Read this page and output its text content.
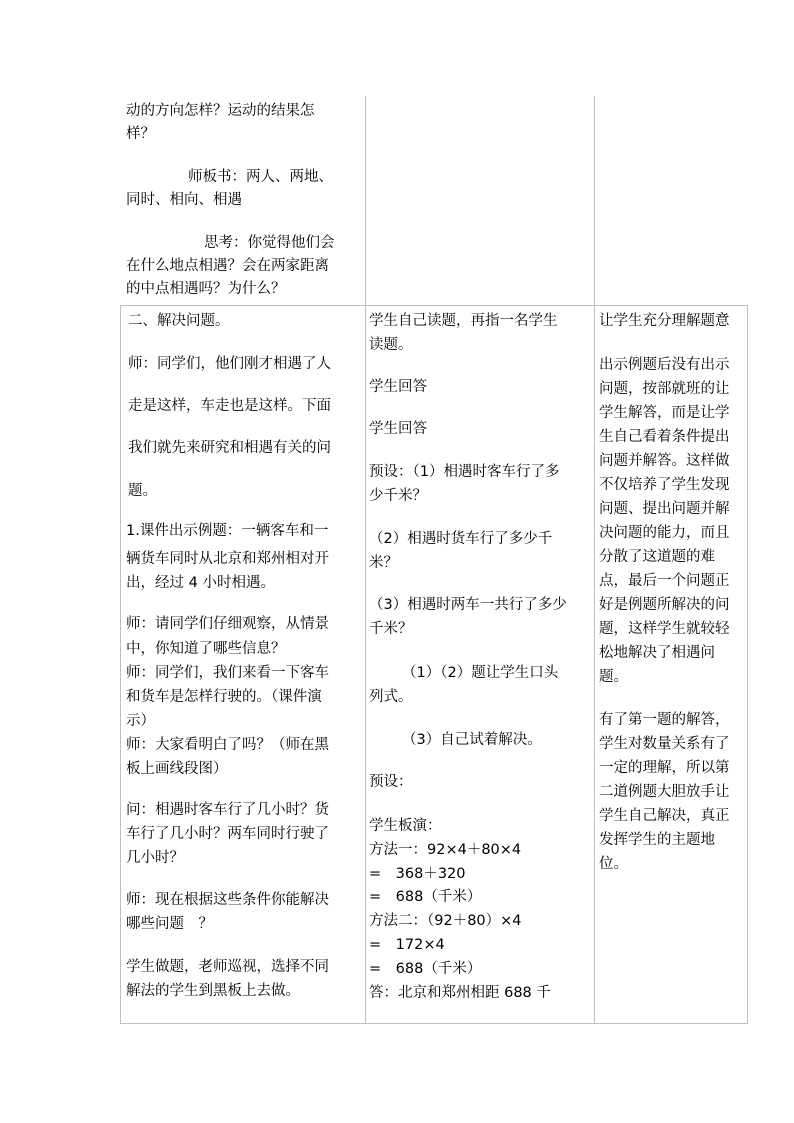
动的方向怎样？运动的结果怎
样？
师板书：两人、两地、
同时、相向、相遇
思考：你觉得他们会
在什么地点相遇？会在两家距离
的中点相遇吗？为什么？
二、解决问题。
师：同学们，他们刚才相遇了人
走是这样，车走也是这样。下面
我们就先来研究和相遇有关的问
题。
1.课件出示例题：一辆客车和一
辆货车同时从北京和郑州相对开
出，经过 4 小时相遇。
师：请同学们仔细观察，从情景
中，你知道了哪些信息？
师：同学们，我们来看一下客车
和货车是怎样行驶的。（课件演
示）
师：大家看明白了吗？（师在黑
板上画线段图）
问：相遇时客车行了几小时？货
车行了几小时？两车同时行驶了
几小时？
师：现在根据这些条件你能解决
哪些问题　？
学生做题，老师巡视，选择不同
解法的学生到黑板上去做。
学生自己读题，再指一名学生
读题。
学生回答
学生回答
预设：（1）相遇时客车行了多
少千米？
（2）相遇时货车行了多少千
米？
（3）相遇时两车一共行了多少
千米？
（1）（2）题让学生口头
列式。
（3）自己试着解决。
预设：
学生板演：
方法一：92×4＋80×4
=　368＋320
=　688（千米）
方法二：（92＋80）×4
=　172×4
=　688（千米）
答：北京和郑州相距 688 千
让学生充分理解题意
出示例题后没有出示
问题，按部就班的让
学生解答，而是让学
生自己看着条件提出
问题并解答。这样做
不仅培养了学生发现
问题、提出问题并解
决问题的能力，而且
分散了这道题的难
点，最后一个问题正
好是例题所解决的问
题，这样学生就较轻
松地解决了相遇问
题。
有了第一题的解答，
学生对数量关系有了
一定的理解，所以第
二道例题大胆放手让
学生自己解决，真正
发挥学生的主题地
位。
